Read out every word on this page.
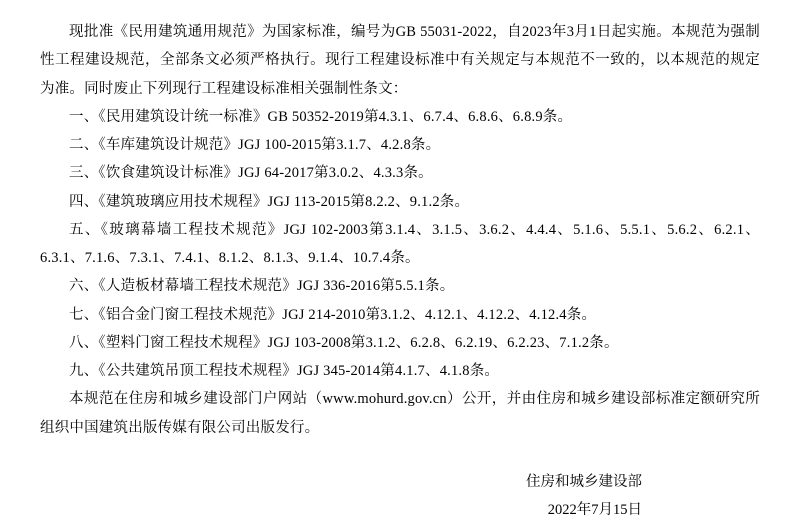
现批准《民用建筑通用规范》为国家标准，编号为GB 55031-2022，自2023年3月1日起实施。本规范为强制性工程建设规范，全部条文必须严格执行。现行工程建设标准中有关规定与本规范不一致的，以本规范的规定为准。同时废止下列现行工程建设标准相关强制性条文：

一、《民用建筑设计统一标准》GB 50352-2019第4.3.1、6.7.4、6.8.6、6.8.9条。

二、《车库建筑设计规范》JGJ 100-2015第3.1.7、4.2.8条。

三、《饮食建筑设计标准》JGJ 64-2017第3.0.2、4.3.3条。

四、《建筑玻璃应用技术规程》JGJ 113-2015第8.2.2、9.1.2条。

五、《玻璃幕墙工程技术规范》JGJ 102-2003第3.1.4、3.1.5、3.6.2、4.4.4、5.1.6、5.5.1、5.6.2、6.2.1、6.3.1、7.1.6、7.3.1、7.4.1、8.1.2、8.1.3、9.1.4、10.7.4条。

六、《人造板材幕墙工程技术规范》JGJ 336-2016第5.5.1条。

七、《铝合金门窗工程技术规范》JGJ 214-2010第3.1.2、4.12.1、4.12.2、4.12.4条。

八、《塑料门窗工程技术规程》JGJ 103-2008第3.1.2、6.2.8、6.2.19、6.2.23、7.1.2条。

九、《公共建筑吊顶工程技术规程》JGJ 345-2014第4.1.7、4.1.8条。

本规范在住房和城乡建设部门户网站（www.mohurd.gov.cn）公开，并由住房和城乡建设部标准定额研究所组织中国建筑出版传媒有限公司出版发行。

住房和城乡建设部
2022年7月15日
